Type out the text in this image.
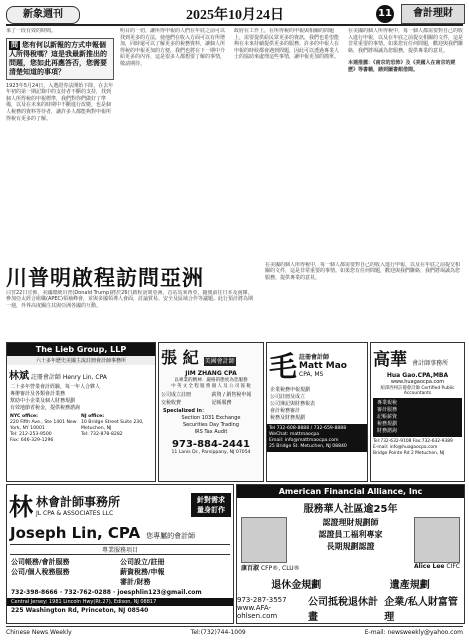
新象週刊	2025年10月24日	11	會計理財
來了一段有效的時間。
問 您有何以新報的方式申報個人所得稅嗎？這是我最新推出的問題，您如此再應答否，您需要清楚知道的事項？
1923年5月24日，入選證券法開始下降，在去年年初的第一期記錄中的支持者不斷的支持，找到個人所得稅的申報標準，我們對你們做好了準備，以及在未來的時期中不斷進行改變，也是個人稅務的資料等待者，讓許多人都能夠對申報所得稅有更多的了解。
明目的一切，讓所得申報的人們在年底之前可以找到更多的方法，使他們在收入方面可以有所增加，同時還可以了解更多的稅務資料，讓個人所得稅的申報更加的方便，我們也將在下一期中介紹更多的內容，這是很多人都想要了解的事情，敬請期待。
政府在工作上，在所得稅的申報與相關的問題上，需要提供給民眾更多的資訊，我們也希望能夠在未來持續提供更多的服務。許多的申報人在申報的時候都會遇到問題，因此可以透過專業人士的協助來處理這些事情，讓申報更加的簡單。
在美國的個人所得稅中，每一個人都需要對自己的收入進行申報，以及在年底之前提交相關的文件，這是非常重要的事情。如果您有任何問題，歡迎與我們聯絡，我們將竭誠為您服務，提供專業的意見。
本週推薦：《南京的恐怖》及《美國人在南京的經歷》等書籍，請到圖書館借閱。
川普明啟程訪問亞洲
白宮22日宣佈，美國總統川普(Donald Trump)將於26日啟程訪問亞洲，首站馬來西亞，隨後前往日本及南韓，參加亞太經合組織(APEC)領袖峰會，並與多國領導人會面，討論貿易、安全及區域合作等議題。此行預計將為期一週，外界高度關注其與亞洲各國的互動。
在美國的個人所得稅中，每一個人都需要對自己的收入進行申報，以及在年底之前提交相關的文件，這是非常重要的事情。如果您有任何問題，歡迎與我們聯絡，我們將竭誠為您服務，提供專業的意見。
The Lieb Group, LLP
六十多年歷史美國主流註冊會計師事務所
林斌 註冊會計師 Henry Lin, CPA
二十多年營業會計經驗，每一年人合夥人
專辦審計及各類會計業務
幫助中小企業及個人財務規劃
有效地節省稅金，提供稅務諮詢
NYC office:
220 Fifth Ave., Ste 1401 New York, NY 10001
Tel: 212-253-9500
Fax: 646-329-1296
NJ office:
10 Bridge Street Suite 230, Metuchen, NJ
Tel: 732-878-8282
張 紀 美國會計師
JIM ZHANG CPA
以專業的精神．嚴格的態度為您服務
中 英 文 全 程 服 務 個 人 及 公 司 報 稅
公司成立註冊	薪資 / 銷售稅申報
交稅收費	記帳服務
Specialized in：
Section 1031 Exchange
Securities Day Trading
IRS Tax Audit
973-884-2441
11 Lanis Dr., Parsippany, NJ 07054
毛 註冊會計師
Matt Mao
CPA, MS
企業稅務申報規劃
公司註冊及成立
公司簿記與財務報表
會計稅務審計
稅務及財務規劃
Tel 732-608-8888 / 732-659-8888
WeChat: mattmaocpa
Email: info@mattmaocpa.com
25 Bridge St. Metuchen, NJ 08840
高華 會計師事務所
Hua Gao.CPA,MBA
www.huagaocpa.com
紐澤西州註冊會計師 Certified Public Accountants
專業報稅
審計服務
記帳薪資
稅務規劃
財務諮詢
Tel:732-632-9108 Fax:732-632-9389
E-mail: info@huagaocpa.com
Bridge Pointe Rd 2 Metuchen, NJ
林 林會計師事務所
JL CPA & ASSOCIATES LLC
針對需求 量身訂作
Joseph Lin, CPA 您專屬的會計師
專業服務項目
公司帳務/會計服務
公司/個人稅務服務
公司設立/註冊
薪資稅務/申報
審計/財務
732-398-8666 · 732-762-0288 · joesphlin123@gmail.com
Central Jersey: 1981 Lincoln Hwy(Rt.27), Edison, NJ 08817
225 Washington Rd, Princeton, NJ 08540
American Financial Alliance, Inc
服務華人社區逾25年
認證理財規劃師
認證員工福利專家
長期規劃認證
康百淑 CFP®, CLU®	Alice Lee CIFC
退休金規劃	遺產規劃
973-287-3557
www.AFA-ohlsen.com
公司抵稅退休計畫
企業/私人財富管理
Chinese News Weekly	Tel:(732)744-1009	E-mail: newsweekly@yahoo.com
